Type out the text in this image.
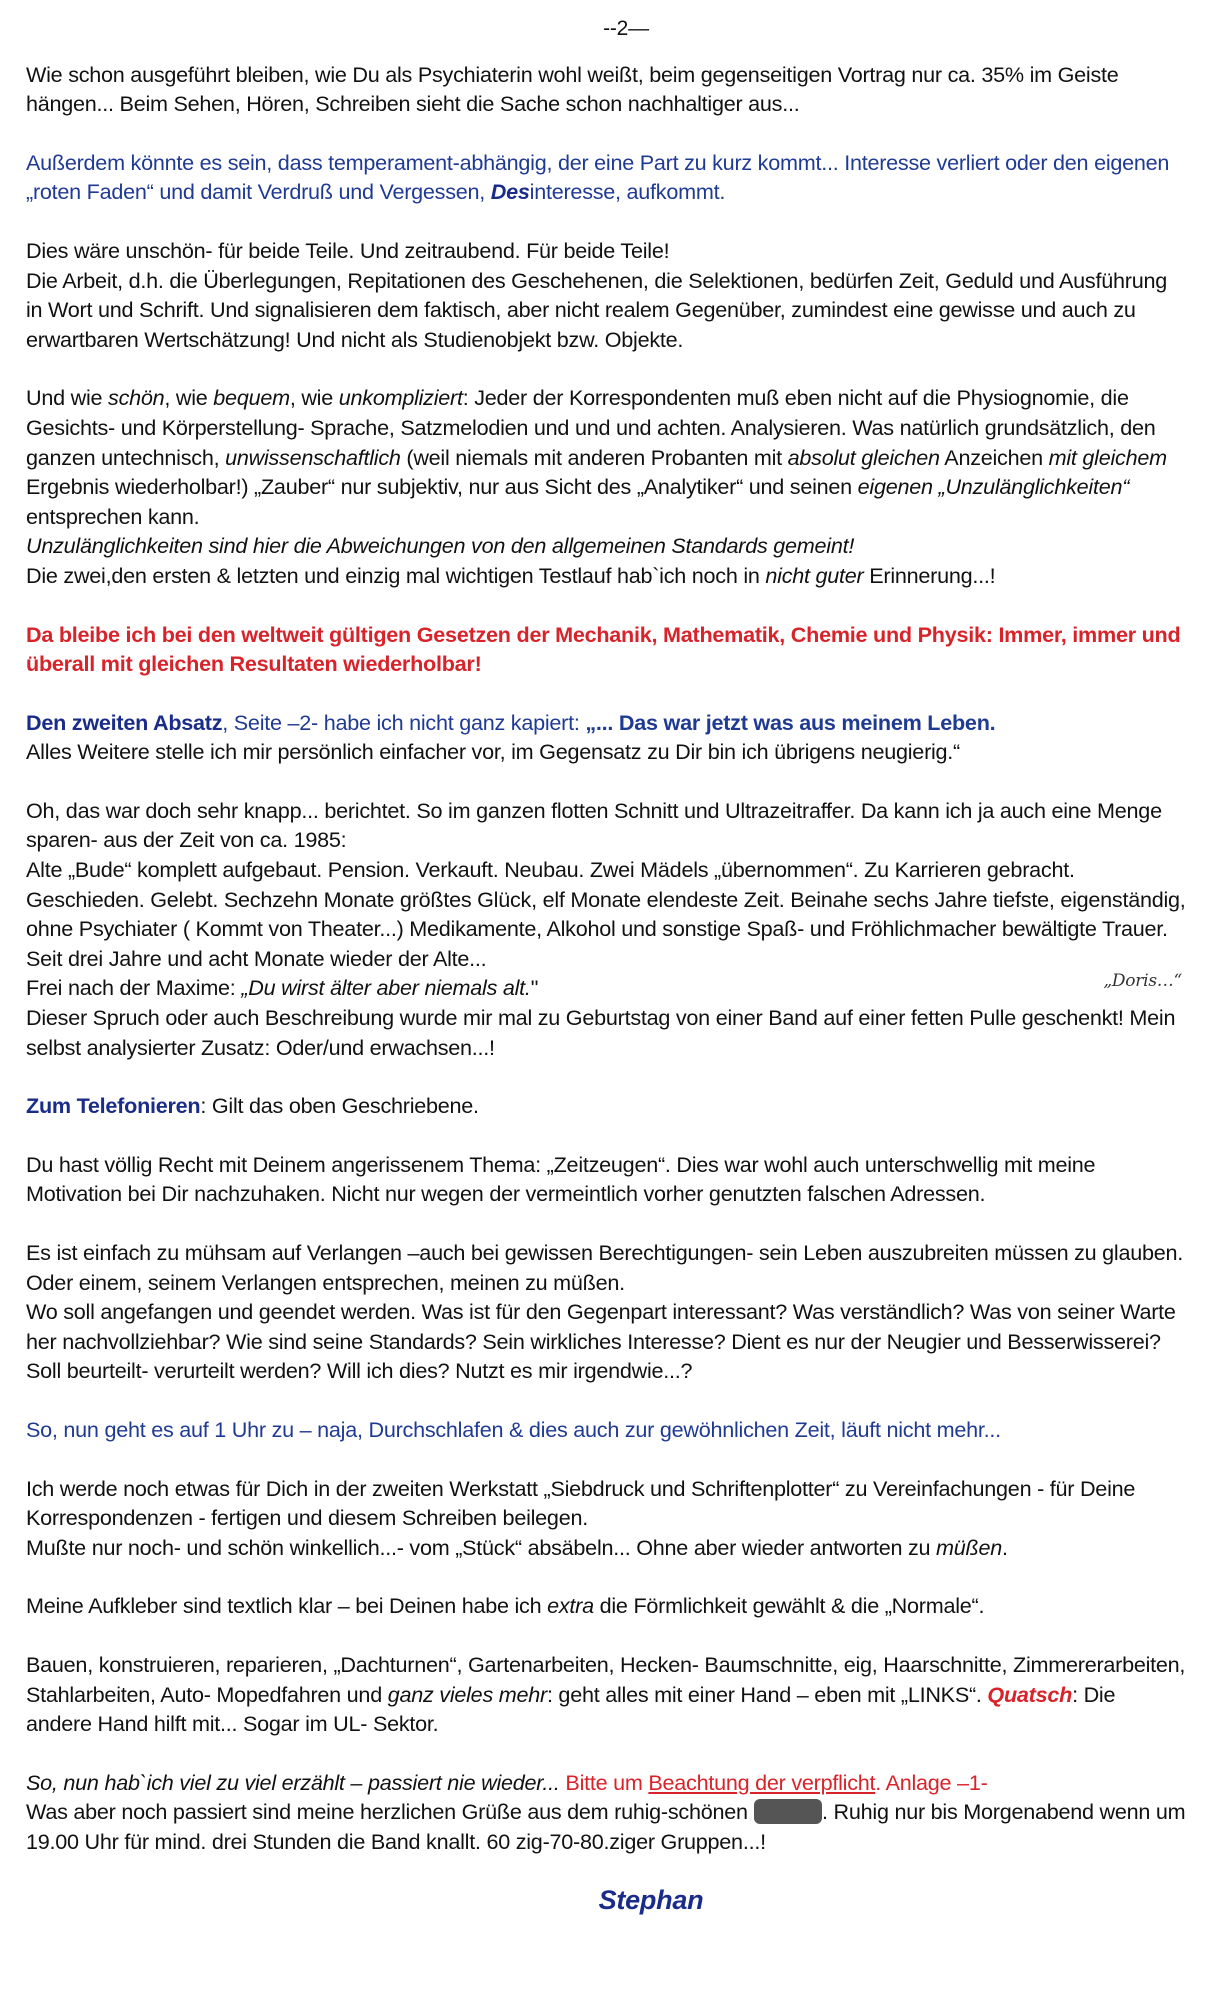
--2—

Wie schon ausgeführt bleiben, wie Du als Psychiaterin wohl weißt, beim gegenseitigen Vortrag nur ca. 35% im Geiste hängen... Beim Sehen, Hören, Schreiben sieht die Sache schon nachhaltiger aus...

Außerdem könnte es sein, dass temperament-abhängig, der eine Part zu kurz kommt... Interesse verliert oder den eigenen „roten Faden“ und damit Verdruß und Vergessen, Desinteresse, aufkommt.

Dies wäre unschön- für beide Teile. Und zeitraubend. Für beide Teile!
Die Arbeit, d.h. die Überlegungen, Repitationen des Geschehenen, die Selektionen, bedürfen Zeit, Geduld und Ausführung in Wort und Schrift. Und signalisieren dem faktisch, aber nicht realem Gegenüber, zumindest eine gewisse und auch zu erwartbaren Wertschätzung! Und nicht als Studienobjekt bzw. Objekte.

Und wie schön, wie bequem, wie unkompliziert: Jeder der Korrespondenten muß eben nicht auf die Physiognomie, die Gesichts- und Körperstellung- Sprache, Satzmelodien und und und achten. Analysieren. Was natürlich grundsätzlich, den ganzen untechnisch, unwissenschaftlich (weil niemals mit anderen Probanten mit absolut gleichen Anzeichen mit gleichem Ergebnis wiederholbar!) „Zauber“ nur subjektiv, nur aus Sicht des „Analytiker“ und seinen eigenen „Unzulänglichkeiten“ entsprechen kann.
Unzulänglichkeiten sind hier die Abweichungen von den allgemeinen Standards gemeint!
Die zwei,den ersten & letzten und einzig mal wichtigen Testlauf hab`ich noch in nicht guter Erinnerung...!

Da bleibe ich bei den weltweit gültigen Gesetzen der Mechanik, Mathematik, Chemie und Physik: Immer, immer und überall mit gleichen Resultaten wiederholbar!

Den zweiten Absatz, Seite –2- habe ich nicht ganz kapiert: „... Das war jetzt was aus meinem Leben.
Alles Weitere stelle ich mir persönlich einfacher vor, im Gegensatz zu Dir bin ich übrigens neugierig.“

Oh, das war doch sehr knapp... berichtet. So im ganzen flotten Schnitt und Ultrazeitraffer. Da kann ich ja auch eine Menge sparen- aus der Zeit von ca. 1985:
Alte „Bude“ komplett aufgebaut. Pension. Verkauft. Neubau. Zwei Mädels „übernommen“. Zu Karrieren gebracht. Geschieden. Gelebt. Sechzehn Monate größtes Glück, elf Monate elendeste Zeit. Beinahe sechs Jahre tiefste, eigenständig, ohne Psychiater ( Kommt von Theater...) Medikamente, Alkohol und sonstige Spaß- und Fröhlichmacher bewältigte Trauer. Seit drei Jahre und acht Monate wieder der Alte...
Frei nach der Maxime: „Du wirst älter aber niemals alt."	„Doris…“

Dieser Spruch oder auch Beschreibung wurde mir mal zu Geburtstag von einer Band auf einer fetten Pulle geschenkt! Mein selbst analysierter Zusatz: Oder/und erwachsen...!

Zum Telefonieren: Gilt das oben Geschriebene.

Du hast völlig Recht mit Deinem angerissenem Thema: „Zeitzeugen“. Dies war wohl auch unterschwellig mit meine Motivation bei Dir nachzuhaken. Nicht nur wegen der vermeintlich vorher genutzten falschen Adressen.

Es ist einfach zu mühsam auf Verlangen –auch bei gewissen Berechtigungen- sein Leben auszubreiten müssen zu glauben. Oder einem, seinem Verlangen entsprechen, meinen zu müßen.
Wo soll angefangen und geendet werden. Was ist für den Gegenpart interessant? Was verständlich? Was von seiner Warte her nachvollziehbar? Wie sind seine Standards? Sein wirkliches Interesse? Dient es nur der Neugier und Besserwisserei? Soll beurteilt- verurteilt werden? Will ich dies? Nutzt es mir irgendwie...?

So, nun geht es auf 1 Uhr zu – naja, Durchschlafen & dies auch zur gewöhnlichen Zeit, läuft nicht mehr...

Ich werde noch etwas für Dich in der zweiten Werkstatt „Siebdruck und Schriftenplotter“ zu Vereinfachungen - für Deine Korrespondenzen - fertigen und diesem Schreiben beilegen.
Mußte nur noch- und schön winkellich...- vom „Stück“ absäbeln... Ohne aber wieder antworten zu müßen.

Meine Aufkleber sind textlich klar – bei Deinen habe ich extra die Förmlichkeit gewählt & die „Normale“.

Bauen, konstruieren, reparieren, „Dachturnen“, Gartenarbeiten, Hecken- Baumschnitte, eig, Haarschnitte, Zimmererarbeiten, Stahlarbeiten, Auto- Mopedfahren und ganz vieles mehr: geht alles mit einer Hand – eben mit „LINKS“. Quatsch: Die andere Hand hilft mit... Sogar im UL- Sektor.

So, nun hab`ich viel zu viel erzählt – passiert nie wieder... Bitte um Beachtung der verpflicht. Anlage –1-
Was aber noch passiert sind meine herzlichen Grüße aus dem ruhig-schönen Thiede. Ruhig nur bis Morgenabend wenn um 19.00 Uhr für mind. drei Stunden die Band knallt. 60 zig-70-80.ziger Gruppen...!

Stephan
